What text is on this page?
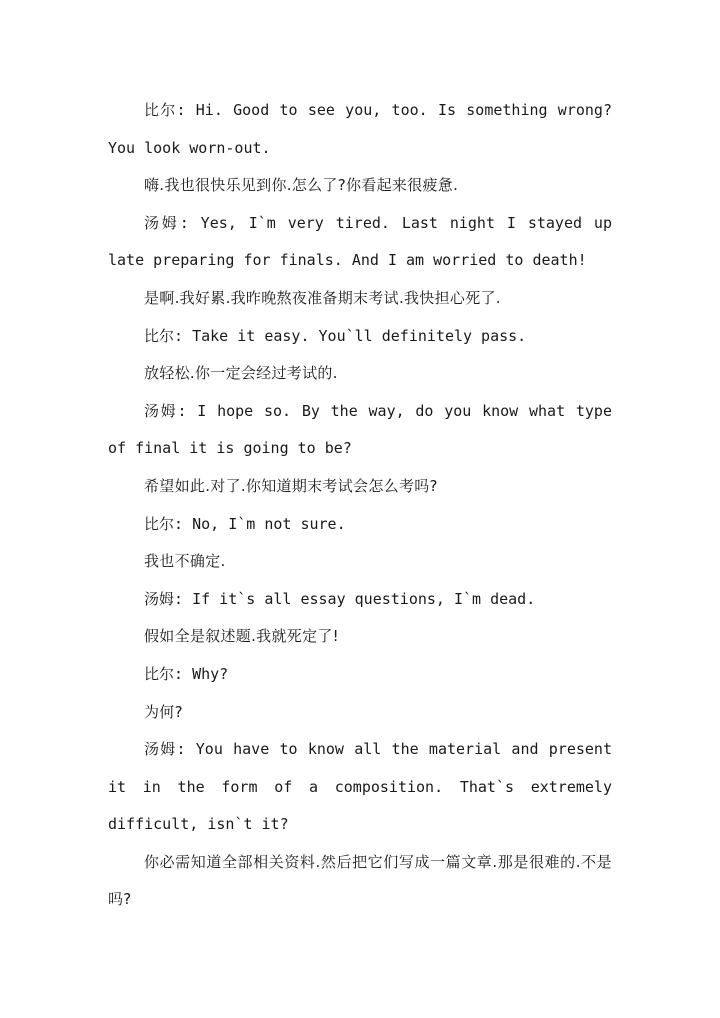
比尔: Hi. Good to see you, too. Is something wrong? You look worn-out.

嗨.我也很快乐见到你.怎么了?你看起来很疲惫.

汤姆: Yes, I`m very tired. Last night I stayed up late preparing for finals. And I am worried to death!

是啊.我好累.我昨晚熬夜准备期末考试.我快担心死了.

比尔: Take it easy. You`ll definitely pass.

放轻松.你一定会经过考试的.

汤姆: I hope so. By the way, do you know what type of final it is going to be?

希望如此.对了.你知道期末考试会怎么考吗?

比尔: No, I`m not sure.

我也不确定.

汤姆: If it`s all essay questions, I`m dead.

假如全是叙述题.我就死定了!

比尔: Why?

为何?

汤姆: You have to know all the material and present it in the form of a composition. That`s extremely difficult, isn`t it?

你必需知道全部相关资料.然后把它们写成一篇文章.那是很难的.不是吗?
